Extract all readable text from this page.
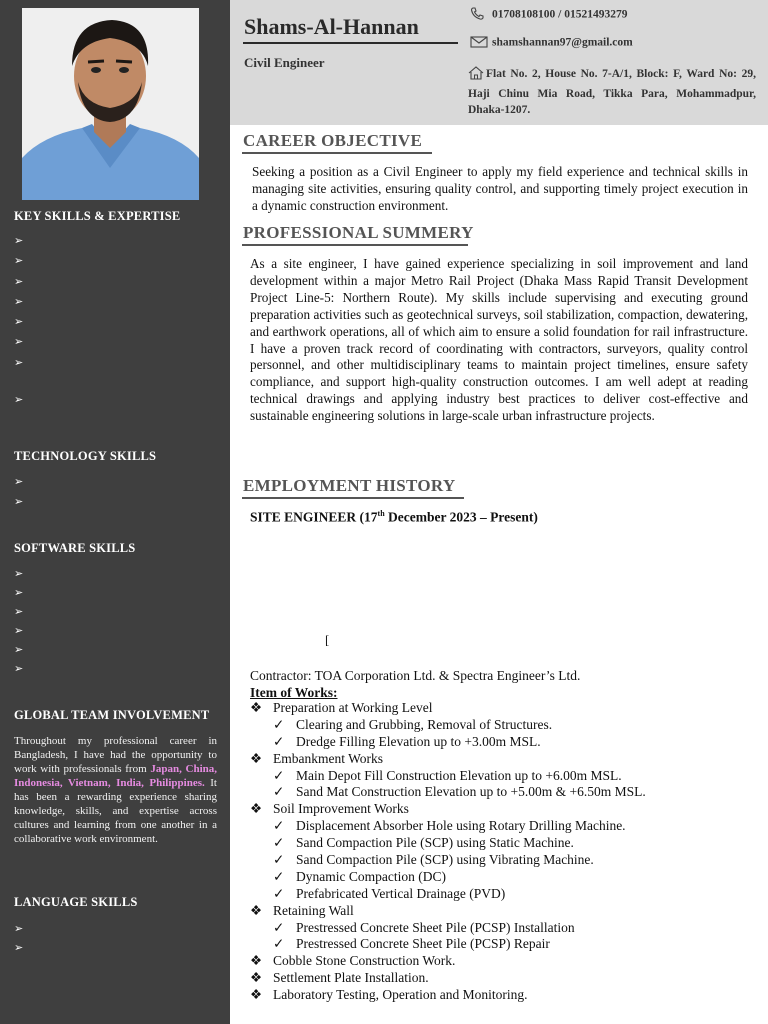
KEY SKILLS & EXPERTISE
➢
➢
➢
➢
➢
➢
➢
➢
TECHNOLOGY SKILLS
➢
➢
SOFTWARE SKILLS
➢
➢
➢
➢
➢
➢
GLOBAL TEAM INVOLVEMENT
Throughout my professional career in Bangladesh, I have had the opportunity to work with professionals from Japan, China, Indonesia, Vietnam, India, Philippines. It has been a rewarding experience sharing knowledge, skills, and expertise across cultures and learning from one another in a collaborative work environment.
LANGUAGE SKILLS
➢
➢
Shams-Al-Hannan
Civil Engineer
01708108100 / 01521493279
shamshannan97@gmail.com
Flat No. 2, House No. 7-A/1, Block: F, Ward No: 29, Haji Chinu Mia Road, Tikka Para, Mohammadpur, Dhaka-1207.
CAREER OBJECTIVE
Seeking a position as a Civil Engineer to apply my field experience and technical skills in managing site activities, ensuring quality control, and supporting timely project execution in a dynamic construction environment.
PROFESSIONAL SUMMERY
As a site engineer, I have gained experience specializing in soil improvement and land development within a major Metro Rail Project (Dhaka Mass Rapid Transit Development Project Line-5: Northern Route). My skills include supervising and executing ground preparation activities such as geotechnical surveys, soil stabilization, compaction, dewatering, and earthwork operations, all of which aim to ensure a solid foundation for rail infrastructure. I have a proven track record of coordinating with contractors, surveyors, quality control personnel, and other multidisciplinary teams to maintain project timelines, ensure safety compliance, and support high-quality construction outcomes. I am well adept at reading technical drawings and applying industry best practices to deliver cost-effective and sustainable engineering solutions in large-scale urban infrastructure projects.
EMPLOYMENT HISTORY
SITE ENGINEER (17th December 2023 – Present)
[
Contractor: TOA Corporation Ltd. & Spectra Engineer’s Ltd.
Item of Works:
❖ Preparation at Working Level
✓ Clearing and Grubbing, Removal of Structures.
✓ Dredge Filling Elevation up to +3.00m MSL.
❖ Embankment Works
✓ Main Depot Fill Construction Elevation up to +6.00m MSL.
✓ Sand Mat Construction Elevation up to +5.00m & +6.50m MSL.
❖ Soil Improvement Works
✓ Displacement Absorber Hole using Rotary Drilling Machine.
✓ Sand Compaction Pile (SCP) using Static Machine.
✓ Sand Compaction Pile (SCP) using Vibrating Machine.
✓ Dynamic Compaction (DC)
✓ Prefabricated Vertical Drainage (PVD)
❖ Retaining Wall
✓ Prestressed Concrete Sheet Pile (PCSP) Installation
✓ Prestressed Concrete Sheet Pile (PCSP) Repair
❖ Cobble Stone Construction Work.
❖ Settlement Plate Installation.
❖ Laboratory Testing, Operation and Monitoring.
